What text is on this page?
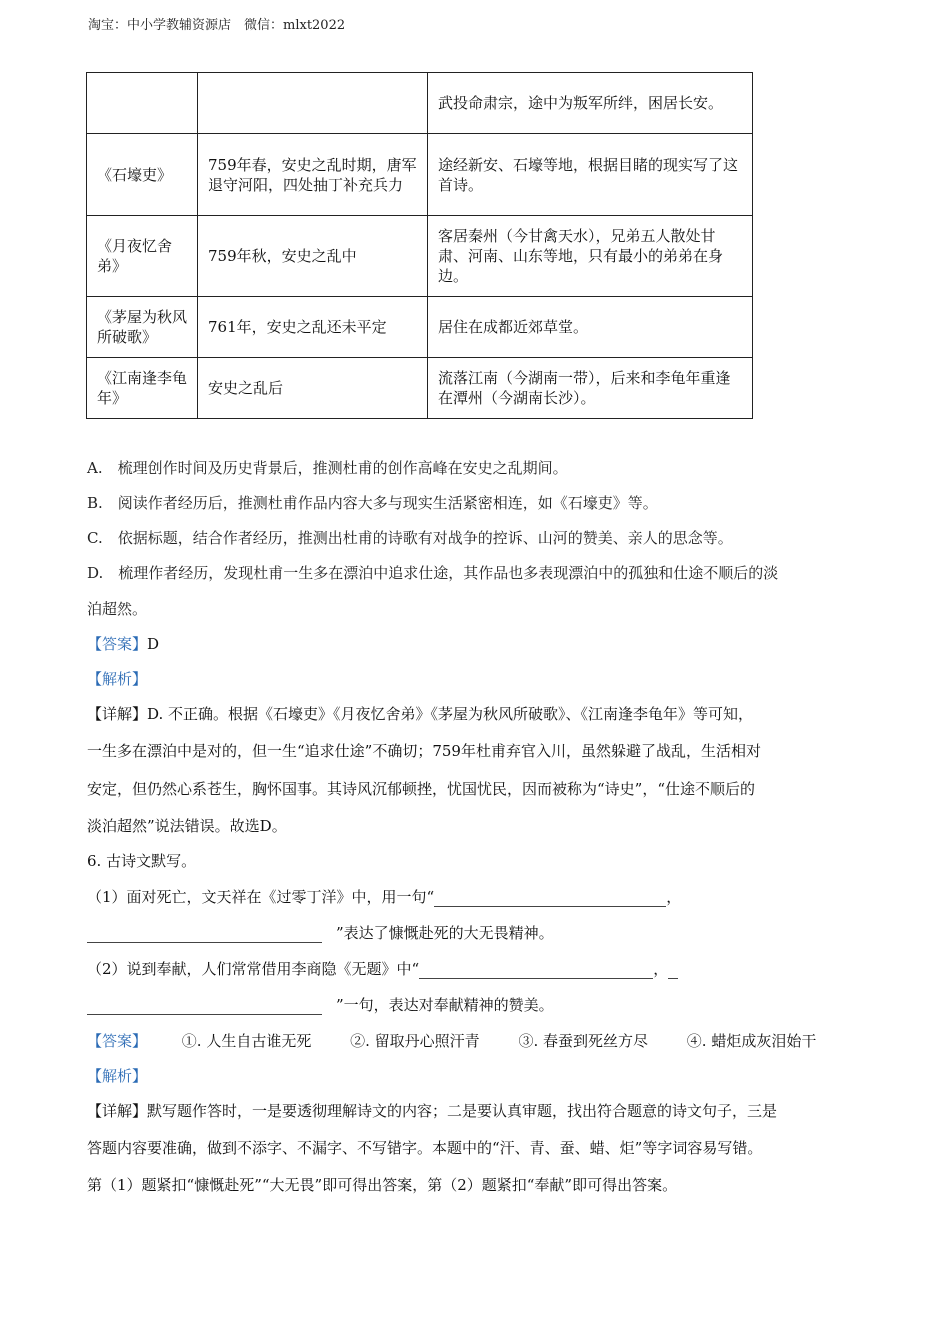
淘宝：中小学教辅资源店　微信：mlxt2022
		武投命肃宗，途中为叛军所绊，困居长安。
《石壕吏》	759年春，安史之乱时期，唐军退守河阳，四处抽丁补充兵力	途经新安、石壕等地，根据目睹的现实写了这首诗。
《月夜忆舍弟》	759年秋，安史之乱中	客居秦州（今甘禽天水），兄弟五人散处甘肃、河南、山东等地，只有最小的弟弟在身边。
《茅屋为秋风所破歌》	761年，安史之乱还未平定	居住在成都近郊草堂。
《江南逢李龟年》	安史之乱后	流落江南（今湖南一带），后来和李龟年重逢在潭州（今湖南长沙）。
A.　梳理创作时间及历史背景后，推测杜甫的创作高峰在安史之乱期间。
B.　阅读作者经历后，推测杜甫作品内容大多与现实生活紧密相连，如《石壕吏》等。
C.　依据标题，结合作者经历，推测出杜甫的诗歌有对战争的控诉、山河的赞美、亲人的思念等。
D.　梳理作者经历，发现杜甫一生多在漂泊中追求仕途，其作品也多表现漂泊中的孤独和仕途不顺后的淡
泊超然。
【答案】D
【解析】
【详解】D. 不正确。根据《石壕吏》《月夜忆舍弟》《茅屋为秋风所破歌》、《江南逢李龟年》等可知，
一生多在漂泊中是对的，但一生“追求仕途”不确切；759年杜甫弃官入川，虽然躲避了战乱，生活相对
安定，但仍然心系苍生，胸怀国事。其诗风沉郁顿挫，忧国忧民，因而被称为“诗史”，“仕途不顺后的
淡泊超然”说法错误。故选D。
6. 古诗文默写。
（1）面对死亡，文天祥在《过零丁洋》中，用一句“	，
”表达了慷慨赴死的大无畏精神。
（2）说到奉献，人们常常借用李商隐《无题》中“	，
”一句，表达对奉献精神的赞美。
【答案】 ①. 人生自古谁无死	②. 留取丹心照汗青	③. 春蚕到死丝方尽	④. 蜡炬成灰泪始干
【解析】
【详解】默写题作答时，一是要透彻理解诗文的内容；二是要认真审题，找出符合题意的诗文句子，三是
答题内容要准确，做到不添字、不漏字、不写错字。本题中的“汗、青、蚕、蜡、炬”等字词容易写错。
第（1）题紧扣“慷慨赴死”“大无畏”即可得出答案，第（2）题紧扣“奉献”即可得出答案。
